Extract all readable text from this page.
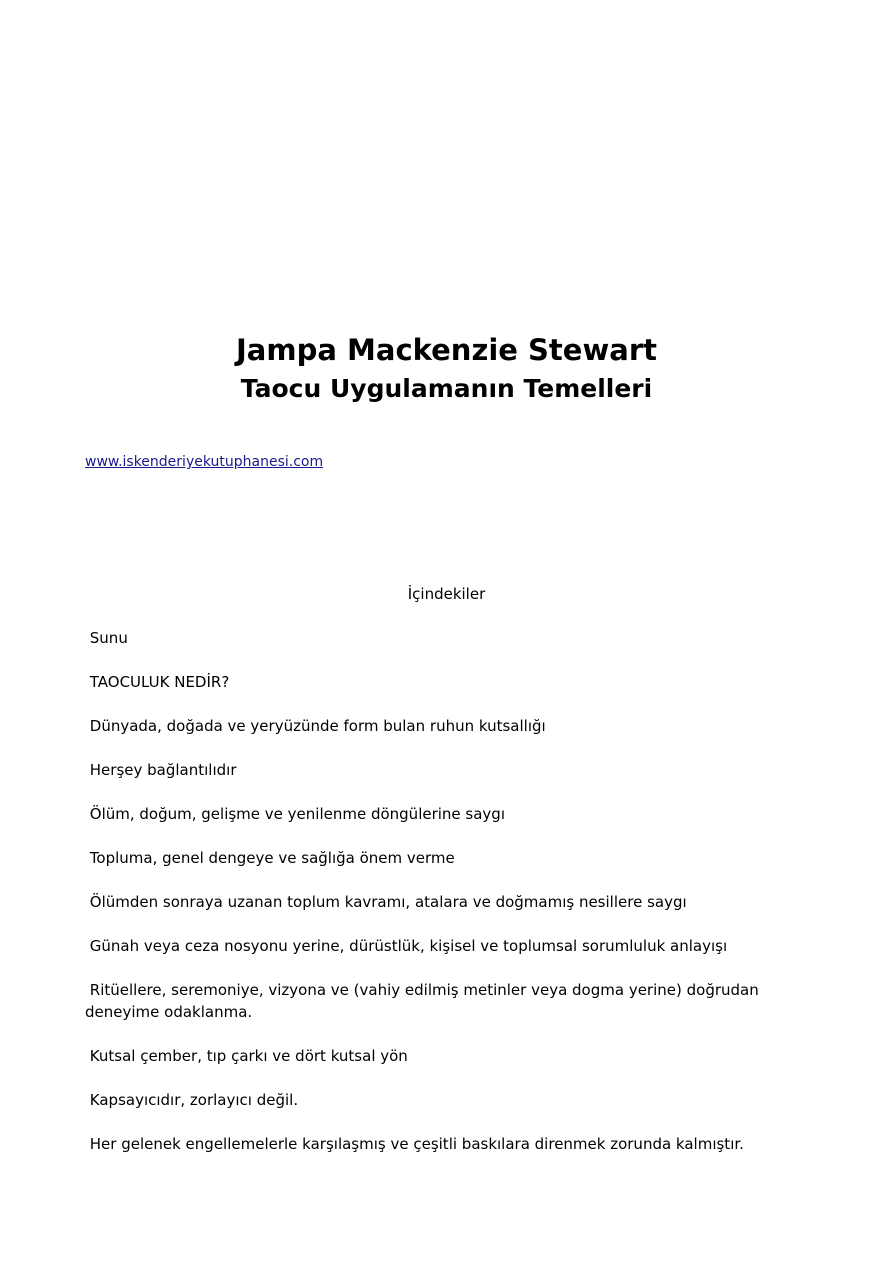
Jampa Mackenzie Stewart
Taocu Uygulamanın Temelleri
www.iskenderiyekutuphanesi.com
İçindekiler
Sunu
TAOCULUK NEDİR?
Dünyada, doğada ve yeryüzünde form bulan ruhun kutsallığı
Herşey bağlantılıdır
Ölüm, doğum, gelişme ve yenilenme döngülerine saygı
Topluma, genel dengeye ve sağlığa önem verme
Ölümden sonraya uzanan toplum kavramı, atalara ve doğmamış nesillere saygı
Günah veya ceza nosyonu yerine, dürüstlük, kişisel ve toplumsal sorumluluk anlayışı
Ritüellere, seremoniye, vizyona ve (vahiy edilmiş metinler veya dogma yerine) doğrudan deneyime odaklanma.
Kutsal çember, tıp çarkı ve dört kutsal yön
Kapsayıcıdır, zorlayıcı değil.
Her gelenek engellemelerle karşılaşmış ve çeşitli baskılara direnmek zorunda kalmıştır.
